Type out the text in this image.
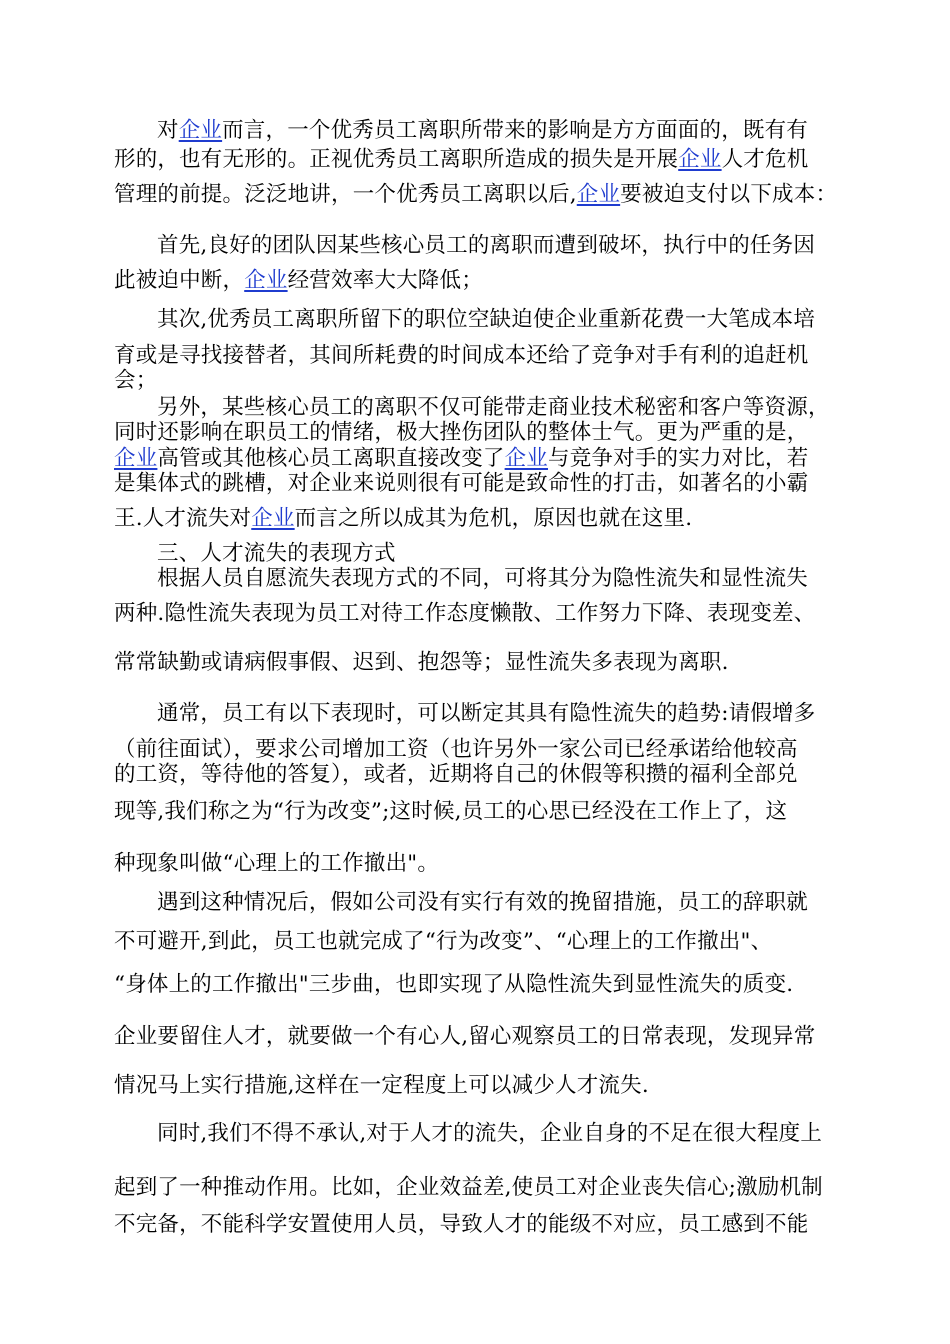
对企业而言，一个优秀员工离职所带来的影响是方方面面的，既有有
形的，也有无形的。正视优秀员工离职所造成的损失是开展企业人才危机
管理的前提。泛泛地讲，一个优秀员工离职以后,企业要被迫支付以下成本：
首先,良好的团队因某些核心员工的离职而遭到破坏，执行中的任务因
此被迫中断，企业经营效率大大降低；
其次,优秀员工离职所留下的职位空缺迫使企业重新花费一大笔成本培
育或是寻找接替者，其间所耗费的时间成本还给了竞争对手有利的追赶机
会；
另外，某些核心员工的离职不仅可能带走商业技术秘密和客户等资源，
同时还影响在职员工的情绪，极大挫伤团队的整体士气。更为严重的是，
企业高管或其他核心员工离职直接改变了企业与竞争对手的实力对比，若
是集体式的跳槽，对企业来说则很有可能是致命性的打击，如著名的小霸
王.人才流失对企业而言之所以成其为危机，原因也就在这里.
三、人才流失的表现方式
根据人员自愿流失表现方式的不同，可将其分为隐性流失和显性流失
两种.隐性流失表现为员工对待工作态度懒散、工作努力下降、表现变差、
常常缺勤或请病假事假、迟到、抱怨等；显性流失多表现为离职.
通常，员工有以下表现时，可以断定其具有隐性流失的趋势:请假增多
（前往面试），要求公司增加工资（也许另外一家公司已经承诺给他较高
的工资，等待他的答复），或者，近期将自己的休假等积攒的福利全部兑
现等,我们称之为“行为改变”;这时候,员工的心思已经没在工作上了，这
种现象叫做“心理上的工作撤出"。
遇到这种情况后，假如公司没有实行有效的挽留措施，员工的辞职就
不可避开,到此，员工也就完成了“行为改变”、“心理上的工作撤出"、
“身体上的工作撤出"三步曲，也即实现了从隐性流失到显性流失的质变.
企业要留住人才，就要做一个有心人,留心观察员工的日常表现，发现异常
情况马上实行措施,这样在一定程度上可以减少人才流失.
同时,我们不得不承认,对于人才的流失，企业自身的不足在很大程度上
起到了一种推动作用。比如，企业效益差,使员工对企业丧失信心;激励机制
不完备，不能科学安置使用人员，导致人才的能级不对应，员工感到不能
